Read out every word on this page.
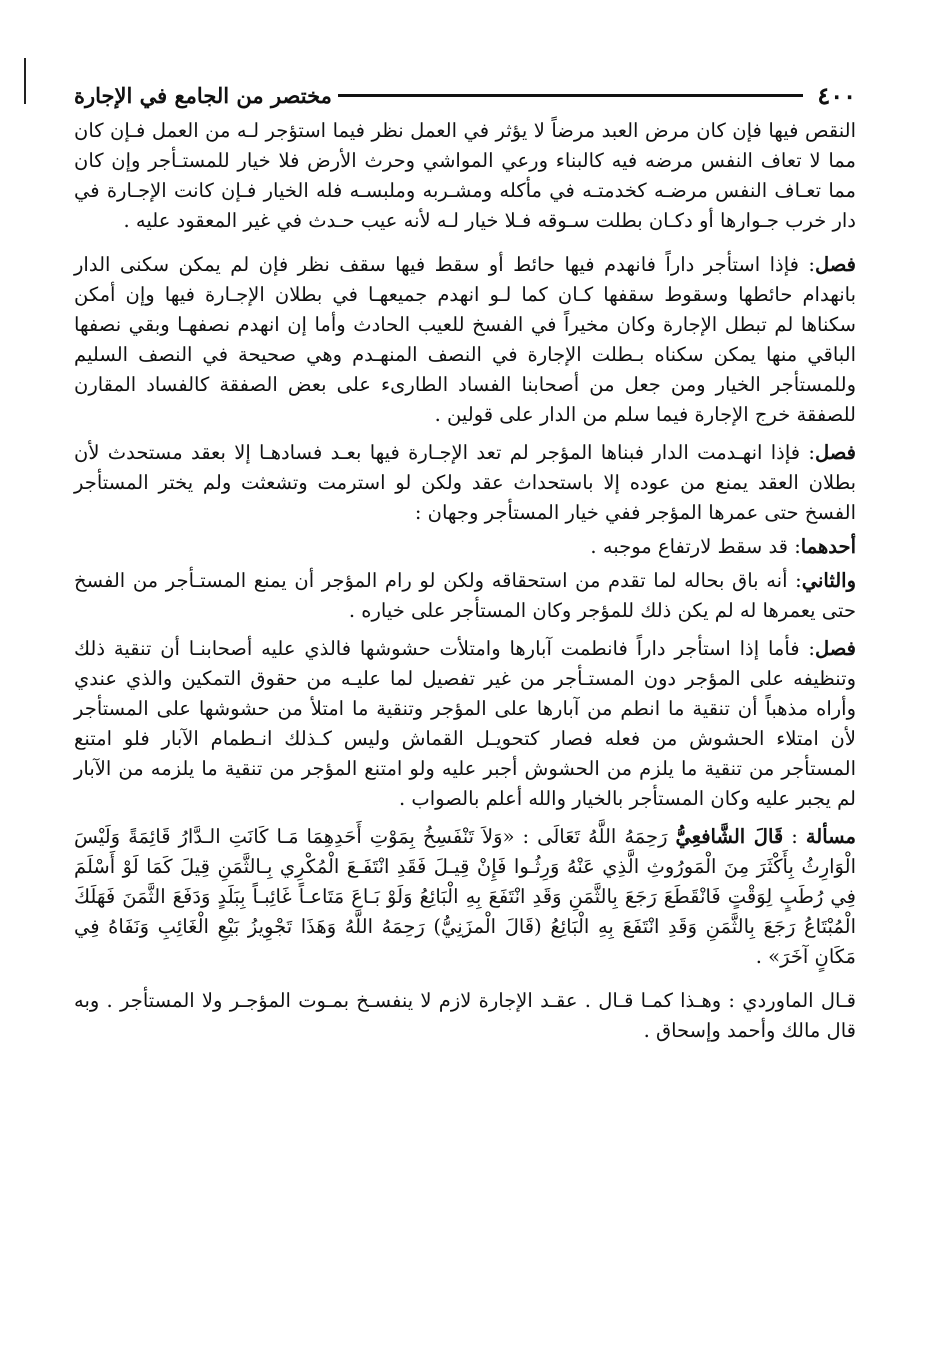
٤٠٠
مختصر من الجامع في الإجارة

النقص فيها فإن كان مرض العبد مرضاً لا يؤثر في العمل نظر فيما استؤجر لـه من العمل فـإن كان مما لا تعاف النفس مرضه فيه كالبناء ورعي المواشي وحرث الأرض فلا خيار للمستـأجر وإن كان مما تعـاف النفس مرضـه كخدمتـه في مأكله ومشـربه وملبسـه فله الخيار فـإن كانت الإجـارة في دار خرب جـوارها أو دكـان بطلت سـوقه فـلا خيار لـه لأنه عيب حـدث في غير المعقود عليه .

فصل: فإذا استأجر داراً فانهدم فيها حائط أو سقط فيها سقف نظر فإن لم يمكن سكنى الدار بانهدام حائطها وسقوط سقفها كـان كما لـو انهدم جميعهـا في بطلان الإجـارة فيها وإن أمكن سكناها لم تبطل الإجارة وكان مخيراً في الفسخ للعيب الحادث وأما إن انهدم نصفهـا وبقي نصفها الباقي منها يمكن سكناه بـطلت الإجارة في النصف المنهـدم وهي صحيحة في النصف السليم وللمستأجر الخيار ومن جعل من أصحابنا الفساد الطارىء على بعض الصفقة كالفساد المقارن للصفقة خرج الإجارة فيما سلم من الدار على قولين .

فصل: فإذا انهـدمت الدار فبناها المؤجر لم تعد الإجـارة فيها بعـد فسادهـا إلا بعقد مستحدث لأن بطلان العقد يمنع من عوده إلا باستحداث عقد ولكن لو استرمت وتشعثت ولم يختر المستأجر الفسخ حتى عمرها المؤجر ففي خيار المستأجر وجهان :

أحدهما: قد سقط لارتفاع موجبه .

والثاني: أنه باق بحاله لما تقدم من استحقاقه ولكن لو رام المؤجر أن يمنع المستـأجر من الفسخ حتى يعمرها له لم يكن ذلك للمؤجر وكان المستأجر على خياره .

فصل: فأما إذا استأجر داراً فانطمت آبارها وامتلأت حشوشها فالذي عليه أصحابنـا أن تنقية ذلك وتنظيفه على المؤجر دون المستـأجر من غير تفصيل لما عليـه من حقوق التمكين والذي عندي وأراه مذهباً أن تنقية ما انطم من آبارها على المؤجر وتنقية ما امتلأ من حشوشها على المستأجر لأن امتلاء الحشوش من فعله فصار كتحويـل القماش وليس كـذلك انـطمام الآبار فلو امتنع المستأجر من تنقية ما يلزم من الحشوش أجبر عليه ولو امتنع المؤجر من تنقية ما يلزمه من الآبار لم يجبر عليه وكان المستأجر بالخيار والله أعلم بالصواب .

مسألة : قَالَ الشَّافعِيُّ رَحِمَهُ اللَّهُ تَعَالَى : «وَلاَ تَنْفَسِخُ بِمَوْتِ أَحَدِهِمَا مَـا كَانَتِ الـدَّارُ قَائِمَةً وَلَيْسَ الْوَارِثُ بِأَكْثَرَ مِنَ الْمَورُوثِ الَّذِي عَنْهُ وَرِثُـوا فَإِنْ قِيـلَ فَقَدِ انْتَفَـعَ الْمُكْرِي بِـالثَّمَنِ قِيلَ كَمَا لَوْ أَسْلَمَ فِي رُطَبٍ لِوَقْتٍ فَانْقَطَعَ رَجَعَ بِالثَّمَنِ وَقَدِ انْتَفَعَ بِهِ الْبَائِعُ وَلَوْ بَـاعَ مَتَاعـاً غَائِبـاً بِبَلَدٍ وَدَفَعَ الثَّمَنَ فَهَلَكَ الْمُبْتَاعُ رَجَعَ بِالثَّمَنِ وَقَدِ انْتَفَعَ بِهِ الْبَائِعُ (قَالَ الْمزَنِيُّ) رَحِمَهُ اللَّهُ وَهَذَا تَجْوِيزُ بَيْعِ الْغَائِبِ وَنَفَاهُ فِي مَكَانٍ آخَرَ» .

قـال الماوردي : وهـذا كمـا قـال . عقـد الإجارة لازم لا ينفسـخ بمـوت المؤجـر ولا المستأجر . وبه قال مالك وأحمد وإسحاق .
